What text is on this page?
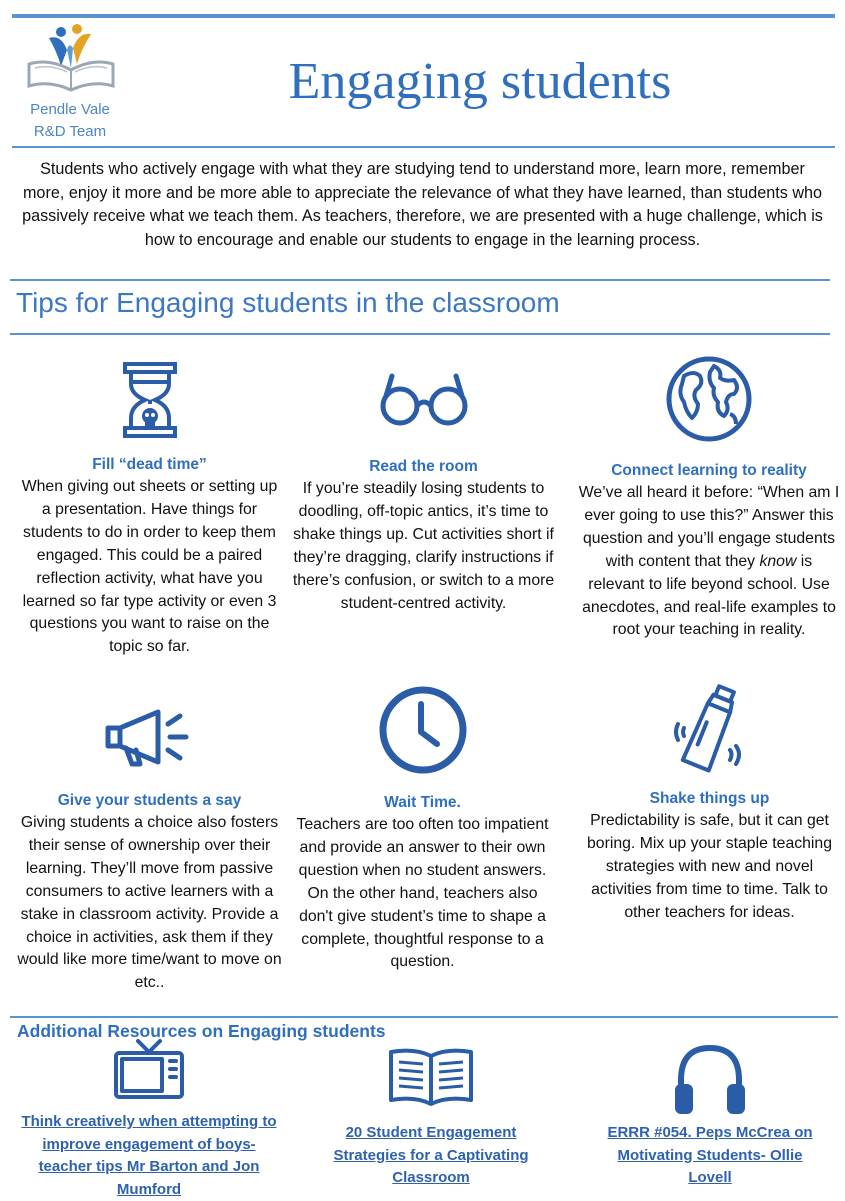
Pendle Vale
R&D Team
Engaging students
Students who actively engage with what they are studying tend to understand more, learn more, remember more, enjoy it more and be more able to appreciate the relevance of what they have learned, than students who passively receive what we teach them. As teachers, therefore, we are presented with a huge challenge, which is how to encourage and enable our students to engage in the learning process.
Tips for Engaging students in the classroom
Fill “dead time”

When giving out sheets or setting up a presentation. Have things for students to do in order to keep them engaged. This could be a paired reflection activity, what have you learned so far type activity or even 3 questions you want to raise on the topic so far.

Read the room

If you’re steadily losing students to doodling, off-topic antics, it’s time to shake things up. Cut activities short if they’re dragging, clarify instructions if there’s confusion, or switch to a more student-centred activity.

Connect learning to reality

We’ve all heard it before: “When am I ever going to use this?” Answer this question and you’ll engage students with content that they know is relevant to life beyond school. Use anecdotes, and real-life examples to root your teaching in reality.

Give your students a say

Giving students a choice also fosters their sense of ownership over their learning. They’ll move from passive consumers to active learners with a stake in classroom activity. Provide a choice in activities, ask them if they would like more time/want to move on etc..

Wait Time.

Teachers are too often too impatient and provide an answer to their own question when no student answers. On the other hand, teachers also don't give student’s time to shape a complete, thoughtful response to a question.

Shake things up

Predictability is safe, but it can get boring. Mix up your staple teaching strategies with new and novel activities from time to time. Talk to other teachers for ideas.

Additional Resources on Engaging students
Think creatively when attempting to improve engagement of boys- teacher tips Mr Barton and Jon Mumford
20 Student Engagement Strategies for a Captivating Classroom
ERRR #054. Peps McCrea on Motivating Students- Ollie Lovell
